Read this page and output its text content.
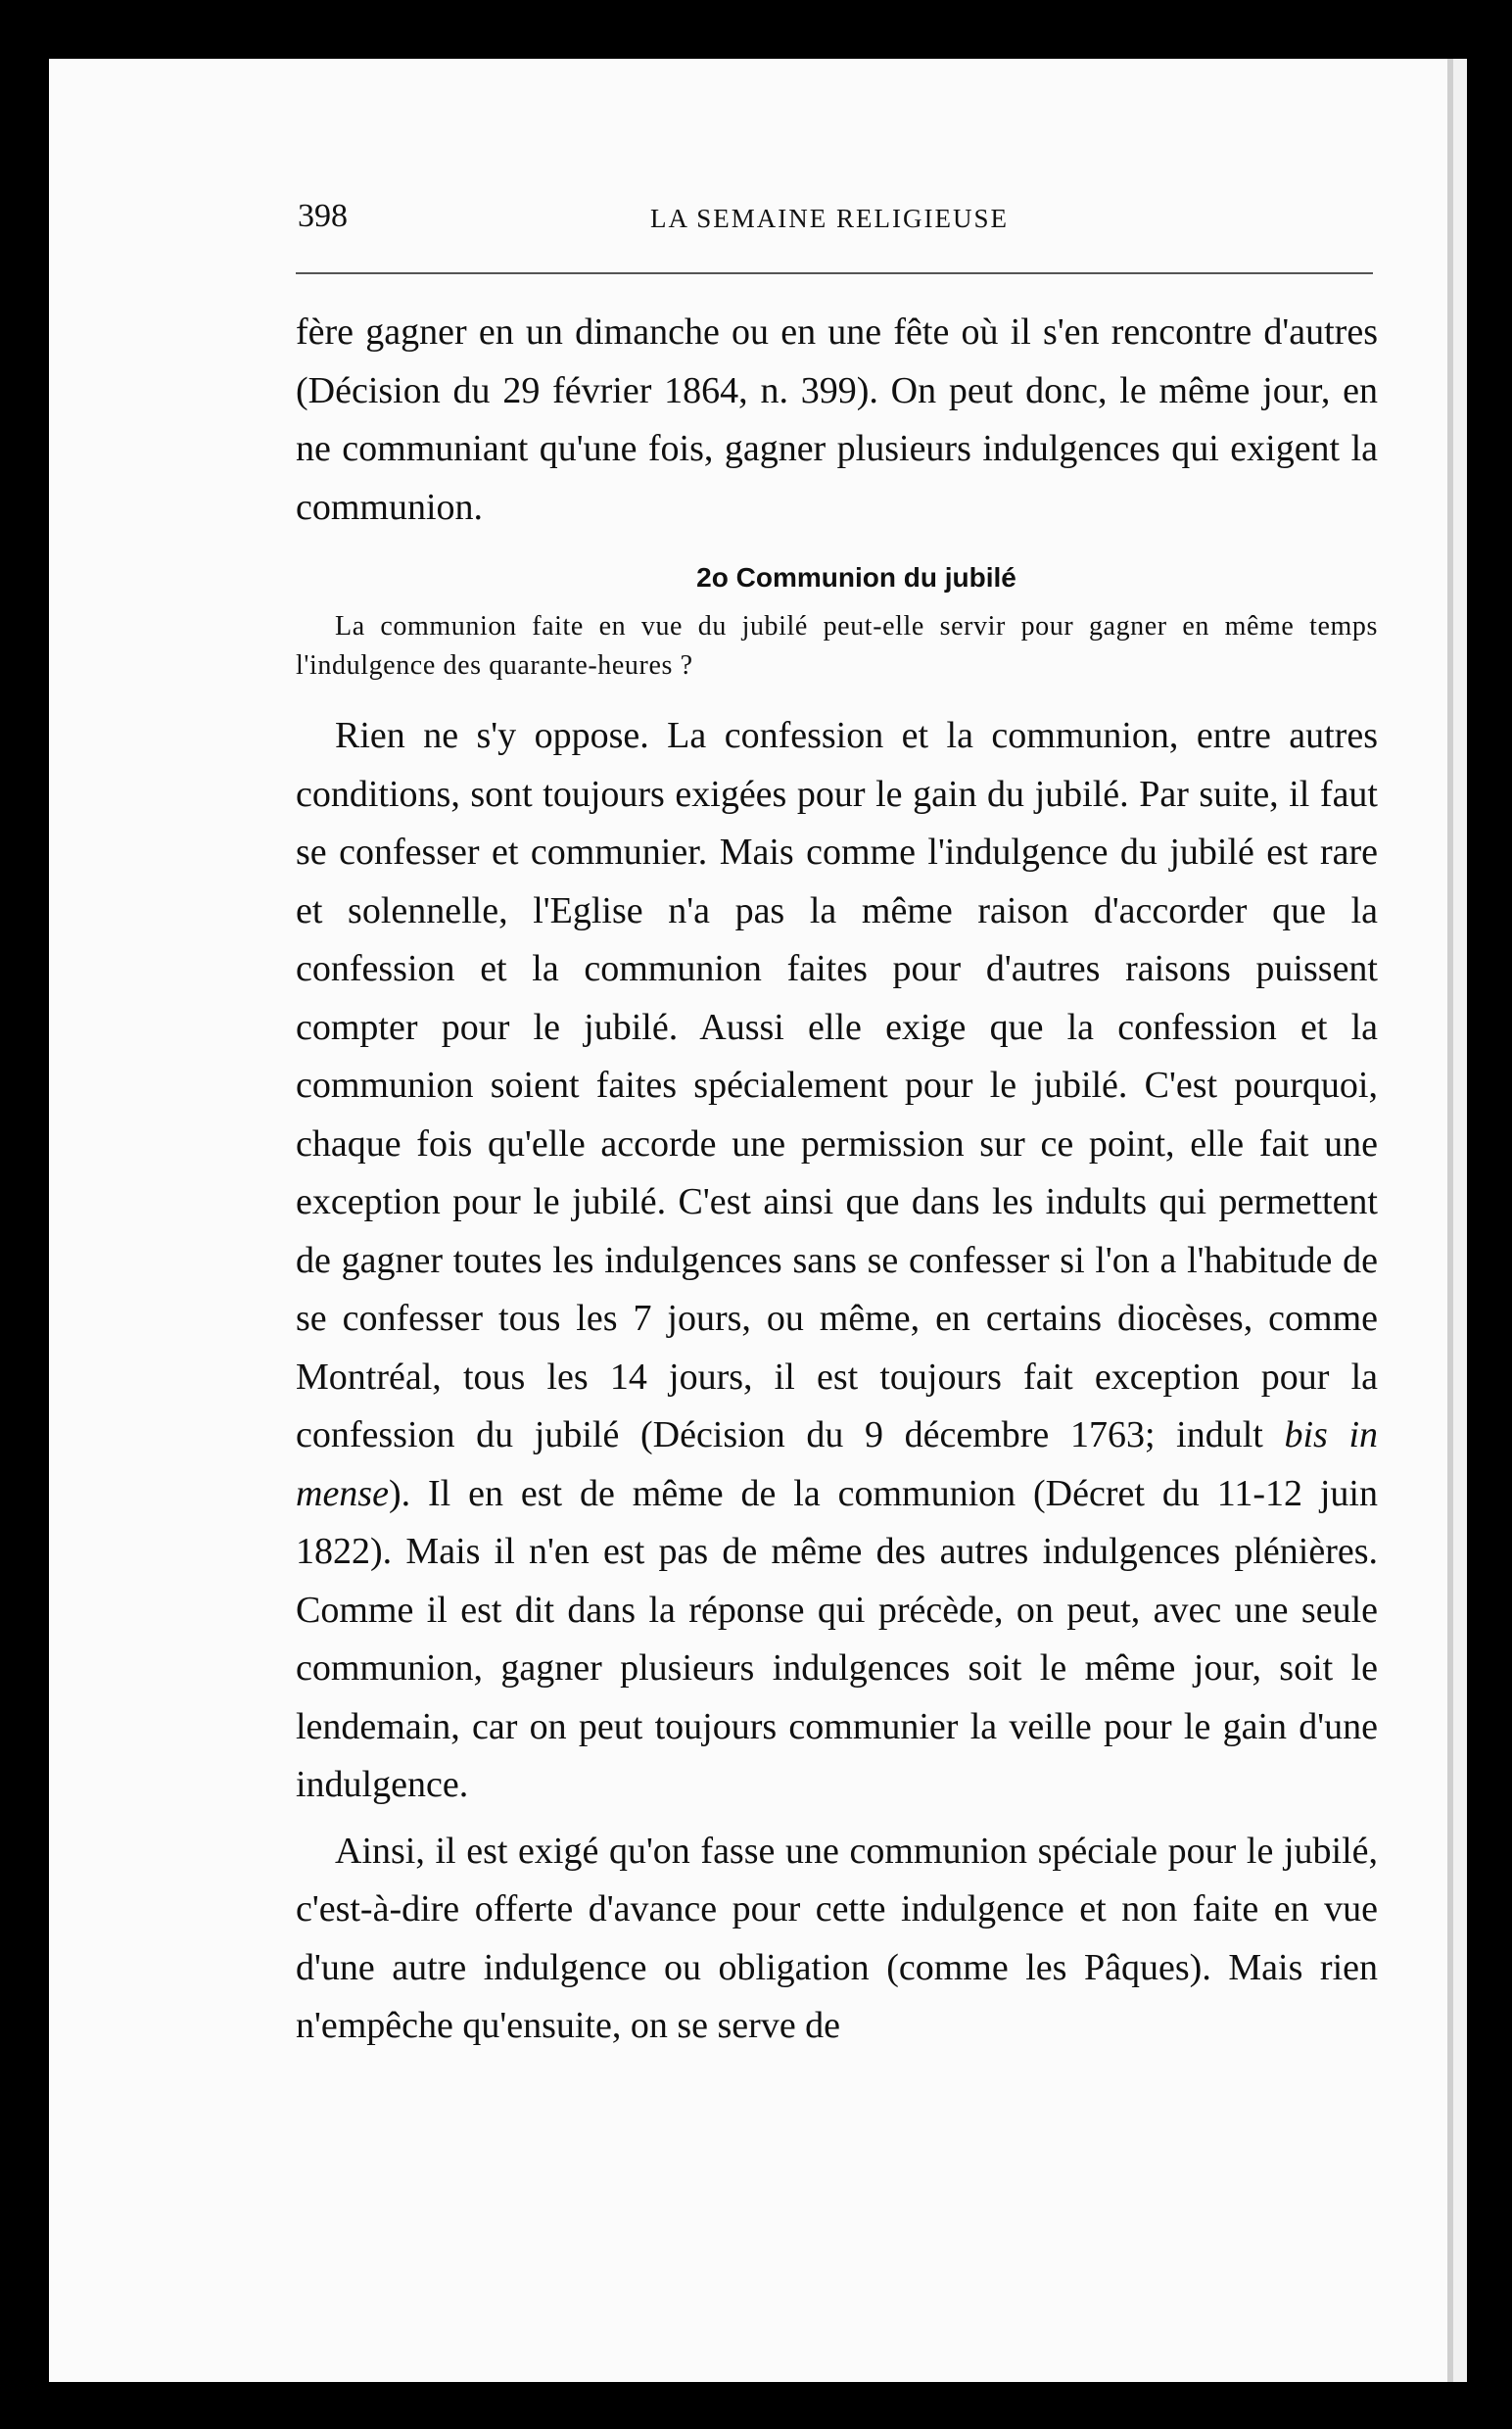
398	LA SEMAINE RELIGIEUSE

fère gagner en un dimanche ou en une fête où il s'en rencontre d'autres (Décision du 29 février 1864, n. 399). On peut donc, le même jour, en ne communiant qu'une fois, gagner plusieurs indulgences qui exigent la communion.

2o Communion du jubilé

La communion faite en vue du jubilé peut-elle servir pour gagner en même temps l'indulgence des quarante-heures ?

Rien ne s'y oppose. La confession et la communion, entre autres conditions, sont toujours exigées pour le gain du jubilé. Par suite, il faut se confesser et communier. Mais comme l'indulgence du jubilé est rare et solennelle, l'Eglise n'a pas la même raison d'accorder que la confession et la communion faites pour d'autres raisons puissent compter pour le jubilé. Aussi elle exige que la confession et la communion soient faites spécialement pour le jubilé. C'est pourquoi, chaque fois qu'elle accorde une permission sur ce point, elle fait une exception pour le jubilé. C'est ainsi que dans les indults qui permettent de gagner toutes les indulgences sans se confesser si l'on a l'habitude de se confesser tous les 7 jours, ou même, en certains diocèses, comme Montréal, tous les 14 jours, il est toujours fait exception pour la confession du jubilé (Décision du 9 décembre 1763; indult bis in mense). Il en est de même de la communion (Décret du 11-12 juin 1822). Mais il n'en est pas de même des autres indulgences plénières. Comme il est dit dans la réponse qui précède, on peut, avec une seule communion, gagner plusieurs indulgences soit le même jour, soit le lendemain, car on peut toujours communier la veille pour le gain d'une indulgence.

Ainsi, il est exigé qu'on fasse une communion spéciale pour le jubilé, c'est-à-dire offerte d'avance pour cette indulgence et non faite en vue d'une autre indulgence ou obligation (comme les Pâques). Mais rien n'empêche qu'ensuite, on se serve de
